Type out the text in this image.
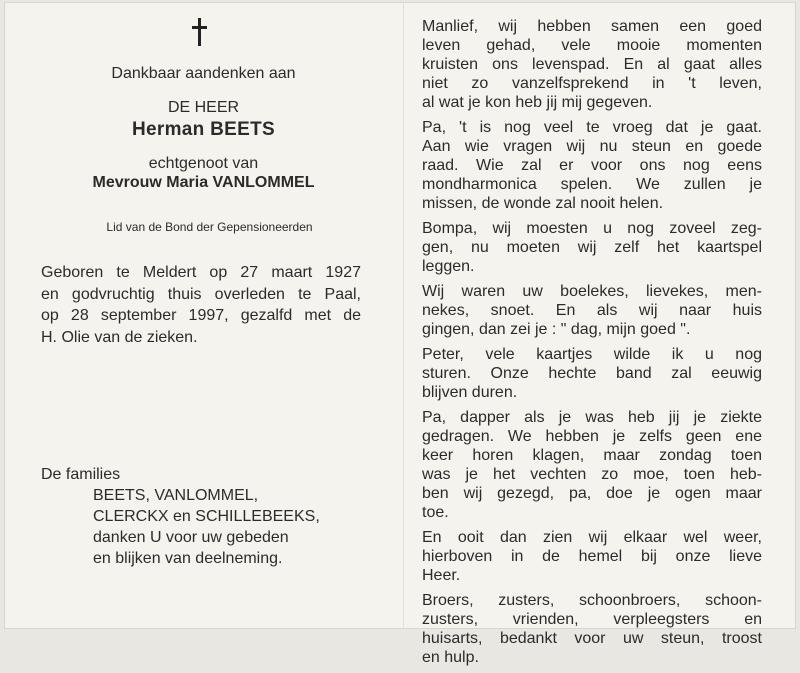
Dankbaar aandenken aan
DE HEER
Herman BEETS
echtgenoot van
Mevrouw Maria VANLOMMEL
Lid van de Bond der Gepensioneerden
Geboren te Meldert op 27 maart 1927
en godvruchtig thuis overleden te Paal,
op 28 september 1997, gezalfd met de
H. Olie van de zieken.
De families
BEETS, VANLOMMEL,
CLERCKX en SCHILLEBEEKS,
danken U voor uw gebeden
en blijken van deelneming.
Manlief, wij hebben samen een goed
leven gehad, vele mooie momenten
kruisten ons levenspad. En al gaat alles
niet zo vanzelfsprekend in 't leven,
al wat je kon heb jij mij gegeven.
Pa, 't is nog veel te vroeg dat je gaat.
Aan wie vragen wij nu steun en goede
raad. Wie zal er voor ons nog eens
mondharmonica spelen. We zullen je
missen, de wonde zal nooit helen.
Bompa, wij moesten u nog zoveel zeg-
gen, nu moeten wij zelf het kaartspel
leggen.
Wij waren uw boelekes, lievekes, men-
nekes, snoet. En als wij naar huis
gingen, dan zei je : " dag, mijn goed ".
Peter, vele kaartjes wilde ik u nog
sturen. Onze hechte band zal eeuwig
blijven duren.
Pa, dapper als je was heb jij je ziekte
gedragen. We hebben je zelfs geen ene
keer horen klagen, maar zondag toen
was je het vechten zo moe, toen heb-
ben wij gezegd, pa, doe je ogen maar
toe.
En ooit dan zien wij elkaar wel weer,
hierboven in de hemel bij onze lieve
Heer.
Broers, zusters, schoonbroers, schoon-
zusters, vrienden, verpleegsters en
huisarts, bedankt voor uw steun, troost
en hulp.
